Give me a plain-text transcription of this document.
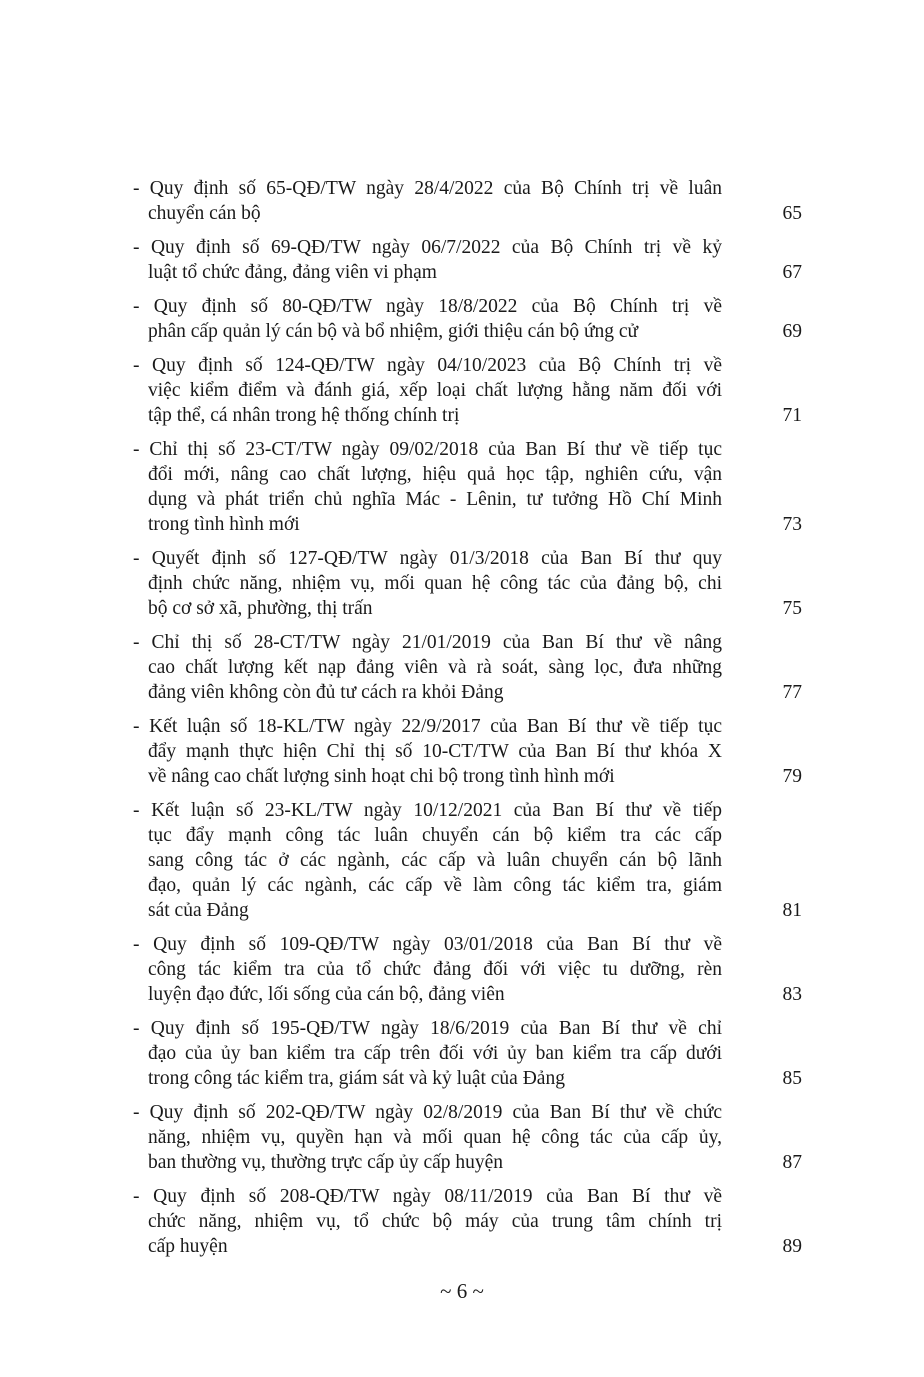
- Quy định số 65-QĐ/TW ngày 28/4/2022 của Bộ Chính trị về luân
chuyển cán bộ	65
- Quy định số 69-QĐ/TW ngày 06/7/2022 của Bộ Chính trị về kỷ
luật tổ chức đảng, đảng viên vi phạm	67
- Quy định số 80-QĐ/TW ngày 18/8/2022 của Bộ Chính trị về
phân cấp quản lý cán bộ và bổ nhiệm, giới thiệu cán bộ ứng cử	69
- Quy định số 124-QĐ/TW ngày 04/10/2023 của Bộ Chính trị về
việc kiểm điểm và đánh giá, xếp loại chất lượng hằng năm đối với
tập thể, cá nhân trong hệ thống chính trị	71
- Chỉ thị số 23-CT/TW ngày 09/02/2018 của Ban Bí thư về tiếp tục
đổi mới, nâng cao chất lượng, hiệu quả học tập, nghiên cứu, vận
dụng và phát triển chủ nghĩa Mác - Lênin, tư tưởng Hồ Chí Minh
trong tình hình mới	73
- Quyết định số 127-QĐ/TW ngày 01/3/2018 của Ban Bí thư quy
định chức năng, nhiệm vụ, mối quan hệ công tác của đảng bộ, chi
bộ cơ sở xã, phường, thị trấn	75
- Chỉ thị số 28-CT/TW ngày 21/01/2019 của Ban Bí thư về nâng
cao chất lượng kết nạp đảng viên và rà soát, sàng lọc, đưa những
đảng viên không còn đủ tư cách ra khỏi Đảng	77
- Kết luận số 18-KL/TW ngày 22/9/2017 của Ban Bí thư về tiếp tục
đẩy mạnh thực hiện Chỉ thị số 10-CT/TW của Ban Bí thư khóa X
về nâng cao chất lượng sinh hoạt chi bộ trong tình hình mới	79
- Kết luận số 23-KL/TW ngày 10/12/2021 của Ban Bí thư về tiếp
tục đẩy mạnh công tác luân chuyển cán bộ kiểm tra các cấp
sang công tác ở các ngành, các cấp và luân chuyển cán bộ lãnh
đạo, quản lý các ngành, các cấp về làm công tác kiểm tra, giám
sát của Đảng	81
- Quy định số 109-QĐ/TW ngày 03/01/2018 của Ban Bí thư về
công tác kiểm tra của tổ chức đảng đối với việc tu dưỡng, rèn
luyện đạo đức, lối sống của cán bộ, đảng viên	83
- Quy định số 195-QĐ/TW ngày 18/6/2019 của Ban Bí thư về chỉ
đạo của ủy ban kiểm tra cấp trên đối với ủy ban kiểm tra cấp dưới
trong công tác kiểm tra, giám sát và kỷ luật của Đảng	85
- Quy định số 202-QĐ/TW ngày 02/8/2019 của Ban Bí thư về chức
năng, nhiệm vụ, quyền hạn và mối quan hệ công tác của cấp ủy,
ban thường vụ, thường trực cấp ủy cấp huyện	87
- Quy định số 208-QĐ/TW ngày 08/11/2019 của Ban Bí thư về
chức năng, nhiệm vụ, tổ chức bộ máy của trung tâm chính trị
cấp huyện	89
~ 6 ~
